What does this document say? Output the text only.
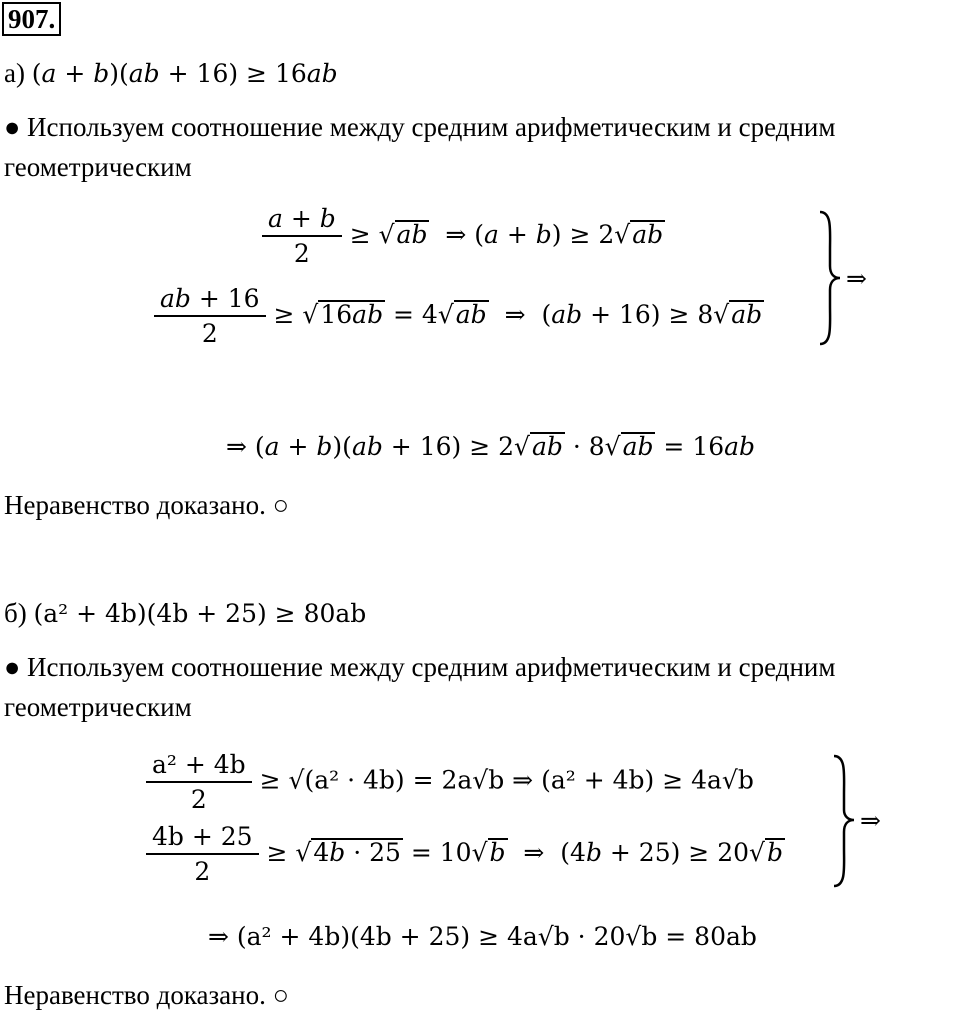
907.
а) (a + b)(ab + 16) ≥ 16ab
● Используем соотношение между средним арифметическим и средним
геометрическим
$\frac{a + b}{2} \ge √ab$  ⇒ (a + b) ≥ 2√ab
$\frac{ab + 16}{2} \ge √16ab = 4√ab$  ⇒  (ab + 16) ≥ 8√ab
⇒
⇒ (a + b)(ab + 16) ≥ 2√ab · 8√ab = 16ab
Неравенство доказано. ○
б) (a² + 4b)(4b + 25) ≥ 80ab
● Используем соотношение между средним арифметическим и средним
геометрическим
$\frac{\text{a² + 4b}}{2} \ge √(a^2 \cdot 4b) = 2a√b$ ⇒ (a² + 4b) ≥ 4a√b
$\frac{4b + 25}{2} \ge √4b \cdot 25 = 10√b$  ⇒  (4b + 25) ≥ 20√b
⇒
⇒ (a² + 4b)(4b + 25) ≥ 4a√b · 20√b = 80ab
Неравенство доказано. ○
